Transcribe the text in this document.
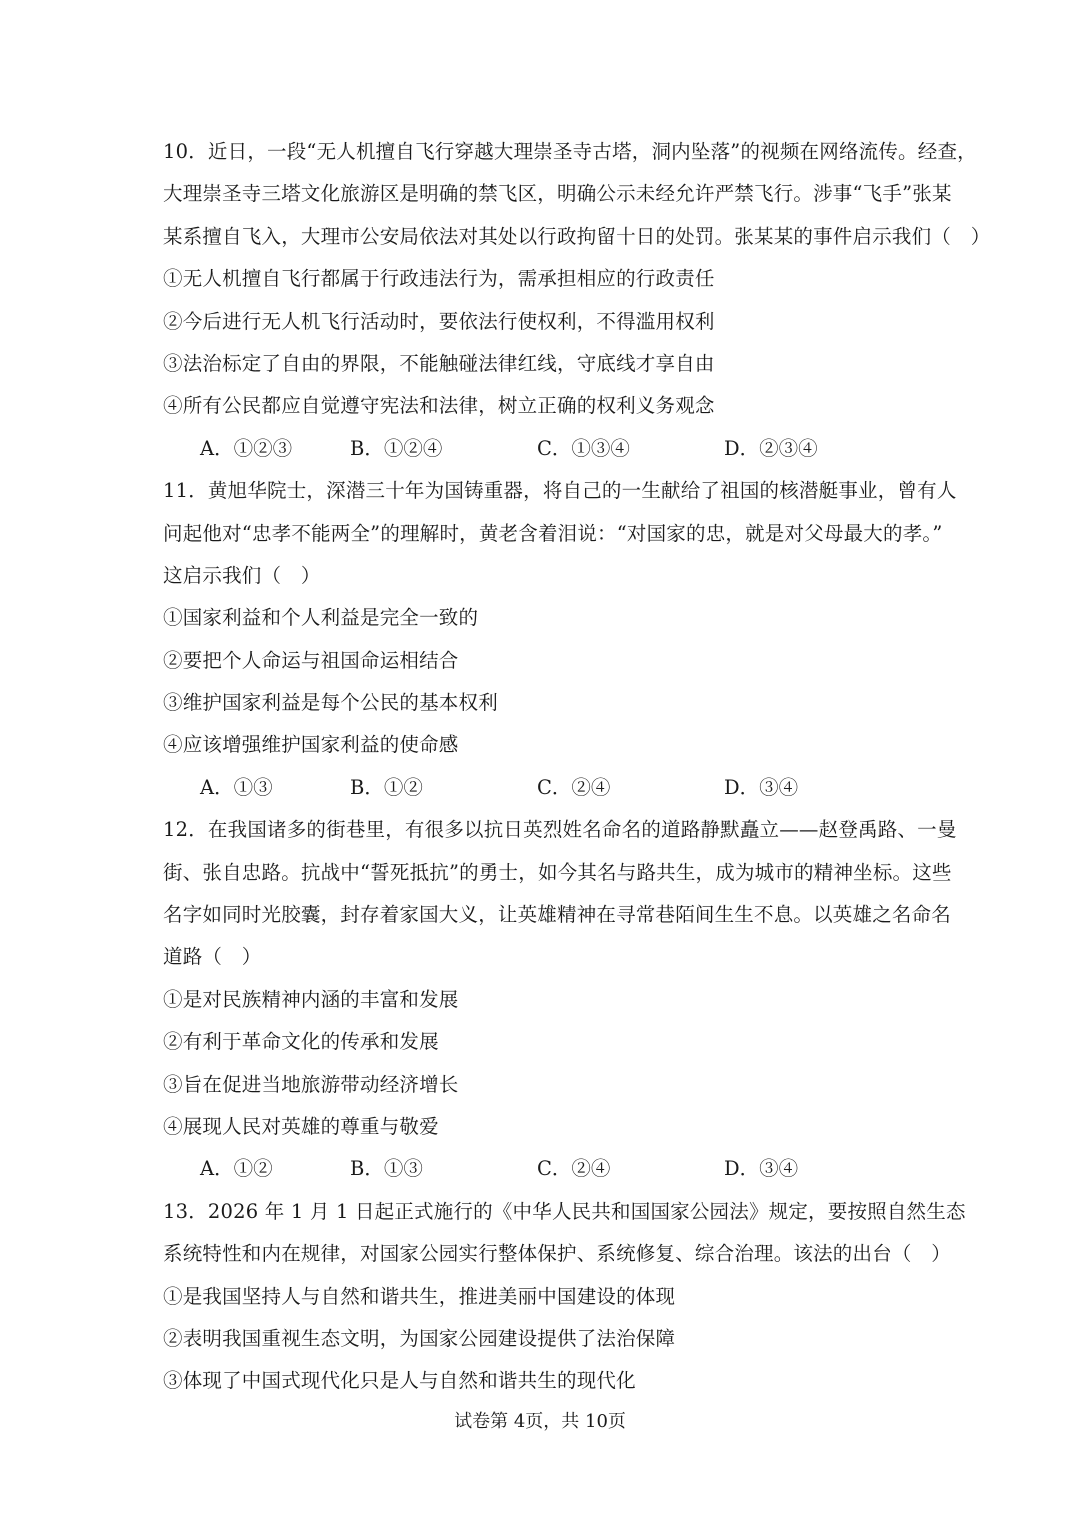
10．近日，一段“无人机擅自飞行穿越大理崇圣寺古塔，洞内坠落”的视频在网络流传。经查，
大理崇圣寺三塔文化旅游区是明确的禁飞区，明确公示未经允许严禁飞行。涉事“飞手”张某
某系擅自飞入，大理市公安局依法对其处以行政拘留十日的处罚。张某某的事件启示我们（　）
①无人机擅自飞行都属于行政违法行为，需承担相应的行政责任
②今后进行无人机飞行活动时，要依法行使权利，不得滥用权利
③法治标定了自由的界限，不能触碰法律红线，守底线才享自由
④所有公民都应自觉遵守宪法和法律，树立正确的权利义务观念
A．①②③	B．①②④	C．①③④	D．②③④
11．黄旭华院士，深潜三十年为国铸重器，将自己的一生献给了祖国的核潜艇事业，曾有人
问起他对“忠孝不能两全”的理解时，黄老含着泪说：“对国家的忠，就是对父母最大的孝。”
这启示我们（　）
①国家利益和个人利益是完全一致的
②要把个人命运与祖国命运相结合
③维护国家利益是每个公民的基本权利
④应该增强维护国家利益的使命感
A．①③	B．①②	C．②④	D．③④
12．在我国诸多的街巷里，有很多以抗日英烈姓名命名的道路静默矗立——赵登禹路、一曼
街、张自忠路。抗战中“誓死抵抗”的勇士，如今其名与路共生，成为城市的精神坐标。这些
名字如同时光胶囊，封存着家国大义，让英雄精神在寻常巷陌间生生不息。以英雄之名命名
道路（　）
①是对民族精神内涵的丰富和发展
②有利于革命文化的传承和发展
③旨在促进当地旅游带动经济增长
④展现人民对英雄的尊重与敬爱
A．①②	B．①③	C．②④	D．③④
13．2026 年 1 月 1 日起正式施行的《中华人民共和国国家公园法》规定，要按照自然生态
系统特性和内在规律，对国家公园实行整体保护、系统修复、综合治理。该法的出台（　）
①是我国坚持人与自然和谐共生，推进美丽中国建设的体现
②表明我国重视生态文明，为国家公园建设提供了法治保障
③体现了中国式现代化只是人与自然和谐共生的现代化
试卷第 4页，共 10页
